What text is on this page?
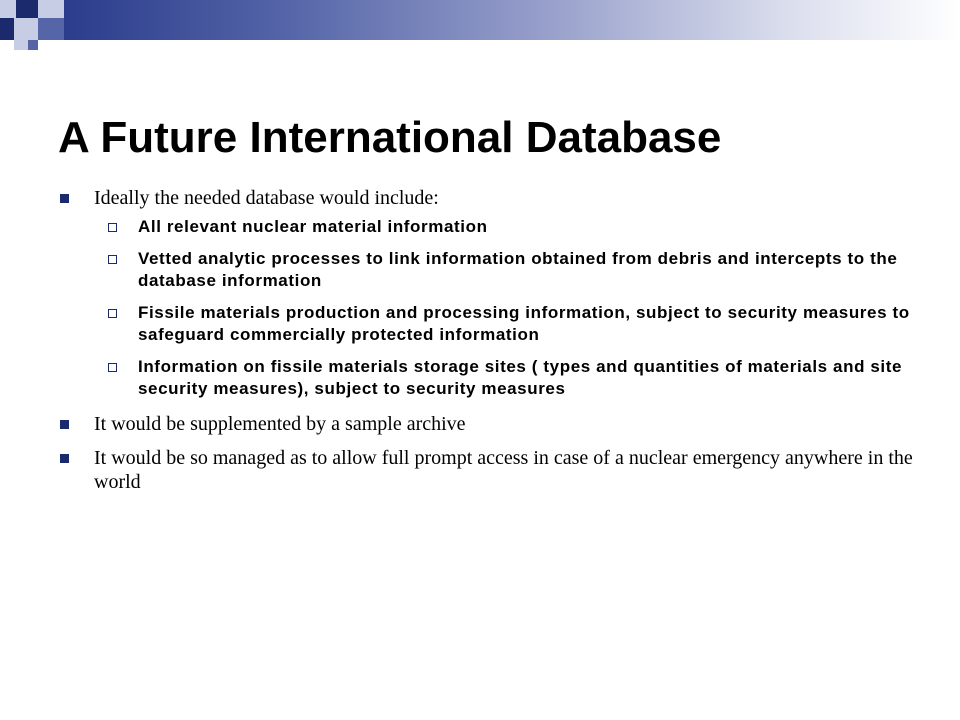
A Future International Database
Ideally the needed database would include:
All relevant nuclear material information
Vetted analytic processes to link information obtained from debris and intercepts to the database information
Fissile materials production and processing information, subject to security measures to safeguard commercially protected information
Information on fissile materials storage sites ( types and quantities of materials and site security measures), subject to security measures
It would be supplemented by a sample archive
It would be so managed as to allow full prompt access in case of a nuclear emergency anywhere in the world
